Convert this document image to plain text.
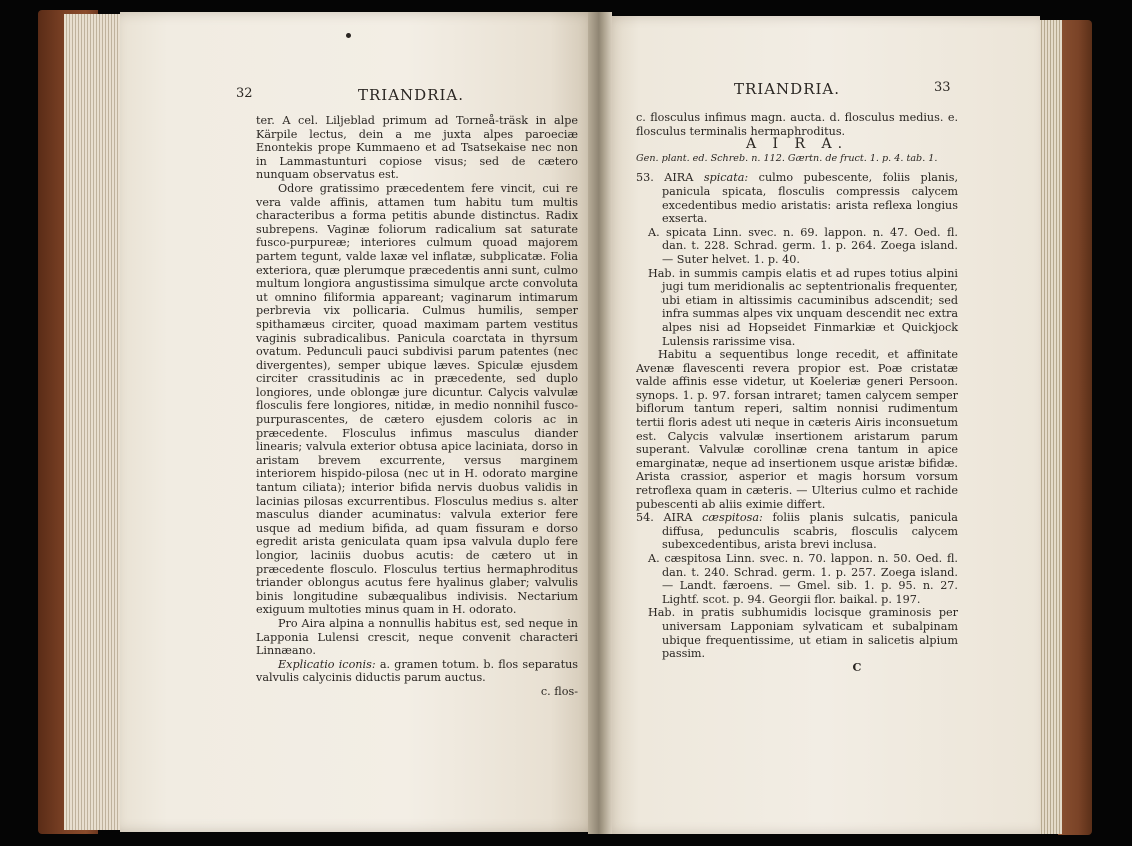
32	TRIANDRIA.

ter. A cel. Liljeblad primum ad Torneå-träsk in alpe Kärpile lectus, dein a me juxta alpes paroeciæ Enontekis prope Kummaeno et ad Tsatsekaise nec non in Lammastunturi copiose visus; sed de cætero nunquam observatus est.

Odore gratissimo præcedentem fere vincit, cui re vera valde affinis, attamen tum habitu tum multis characteribus a forma petitis abunde distinctus. Radix subrepens. Vaginæ foliorum radicalium sat saturate fusco-purpureæ; interiores culmum quoad majorem partem tegunt, valde laxæ vel inflatæ, subplicatæ. Folia exteriora, quæ plerumque præcedentis anni sunt, culmo multum longiora angustissima simulque arcte convoluta ut omnino filiformia appareant; vaginarum intimarum perbrevia vix pollicaria. Culmus humilis, semper spithamæus circiter, quoad maximam partem vestitus vaginis subradicalibus. Panicula coarctata in thyrsum ovatum. Pedunculi pauci subdivisi parum patentes (nec divergentes), semper ubique læves. Spiculæ ejusdem circiter crassitudinis ac in præcedente, sed duplo longiores, unde oblongæ jure dicuntur. Calycis valvulæ flosculis fere longiores, nitidæ, in medio nonnihil fusco-purpurascentes, de cætero ejusdem coloris ac in præcedente. Flosculus infimus masculus diander linearis; valvula exterior obtusa apice laciniata, dorso in aristam brevem excurrente, versus marginem interiorem hispido-pilosa (nec ut in H. odorato margine tantum ciliata); interior bifida nervis duobus validis in lacinias pilosas excurrentibus. Flosculus medius s. alter masculus diander acuminatus: valvula exterior fere usque ad medium bifida, ad quam fissuram e dorso egredit arista geniculata quam ipsa valvula duplo fere longior, laciniis duobus acutis: de cætero ut in præcedente flosculo. Flosculus tertius hermaphroditus triander oblongus acutus fere hyalinus glaber; valvulis binis longitudine subæqualibus indivisis. Nectarium exiguum multoties minus quam in H. odorato.

Pro Aira alpina a nonnullis habitus est, sed neque in Lapponia Lulensi crescit, neque convenit characteri Linnæano.

Explicatio iconis: a. gramen totum. b. flos separatus valvulis calycinis diductis parum auctus.

c. flos-

TRIANDRIA.	33

c. flosculus infimus magn. aucta. d. flosculus medius. e. flosculus terminalis hermaphroditus.

A I R A.

Gen. plant. ed. Schreb. n. 112. Gærtn. de fruct. 1. p. 4. tab. 1.

53. AIRA spicata: culmo pubescente, foliis planis, panicula spicata, flosculis compressis calycem excedentibus medio aristatis: arista reflexa longius exserta.

A. spicata Linn. svec. n. 69. lappon. n. 47. Oed. fl. dan. t. 228. Schrad. germ. 1. p. 264. Zoega island. — Suter helvet. 1. p. 40.

Hab. in summis campis elatis et ad rupes totius alpini jugi tum meridionalis ac septentrionalis frequenter, ubi etiam in altissimis cacuminibus adscendit; sed infra summas alpes vix unquam descendit nec extra alpes nisi ad Hopseidet Finmarkiæ et Quickjock Lulensis rarissime visa.

Habitu a sequentibus longe recedit, et affinitate Avenæ flavescenti revera propior est. Poæ cristatæ valde affinis esse videtur, ut Koeleriæ generi Persoon. synops. 1. p. 97. forsan intraret; tamen calycem semper biflorum tantum reperi, saltim nonnisi rudimentum tertii floris adest uti neque in cæteris Airis inconsuetum est. Calycis valvulæ insertionem aristarum parum superant. Valvulæ corollinæ crena tantum in apice emarginatæ, neque ad insertionem usque aristæ bifidæ. Arista crassior, asperior et magis horsum vorsum retroflexa quam in cæteris. — Ulterius culmo et rachide pubescenti ab aliis eximie differt.

54. AIRA cæspitosa: foliis planis sulcatis, panicula diffusa, pedunculis scabris, flosculis calycem subexcedentibus, arista brevi inclusa.

A. cæspitosa Linn. svec. n. 70. lappon. n. 50. Oed. fl. dan. t. 240. Schrad. germ. 1. p. 257. Zoega island. — Landt. færoens. — Gmel. sib. 1. p. 95. n. 27. Lightf. scot. p. 94. Georgii flor. baikal. p. 197.

Hab. in pratis subhumidis locisque graminosis per universam Lapponiam sylvaticam et subalpinam ubique frequentissime, ut etiam in salicetis alpium passim.

C
